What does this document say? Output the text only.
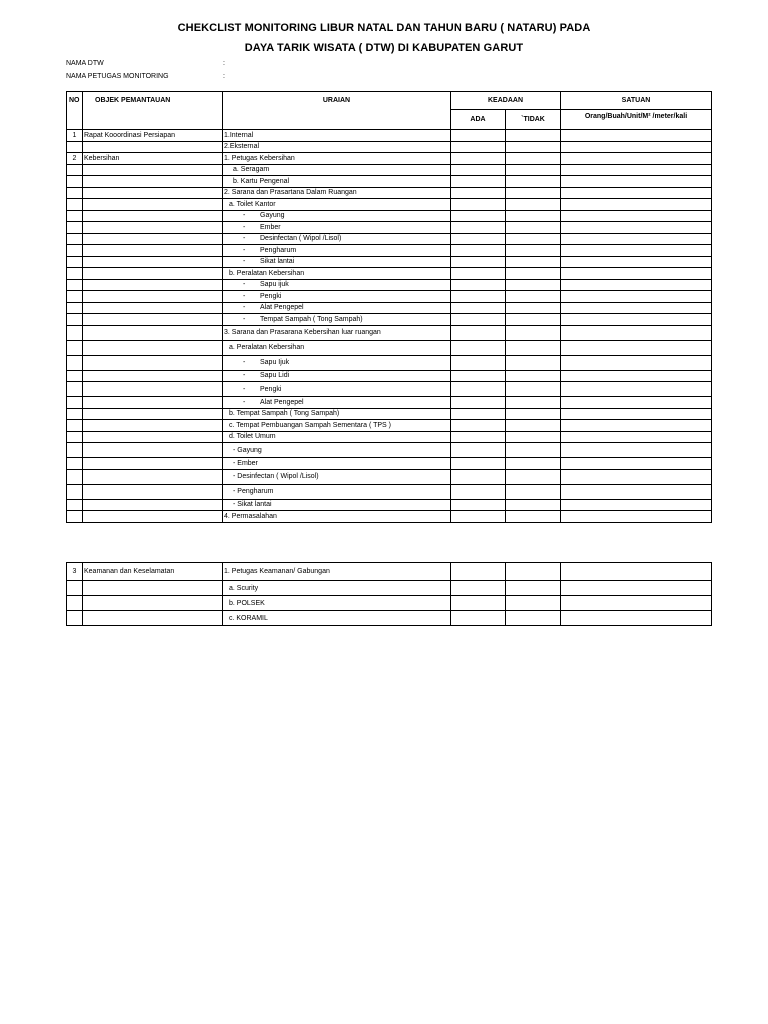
CHEKCLIST MONITORING LIBUR NATAL DAN TAHUN BARU ( NATARU) PADA
DAYA TARIK WISATA ( DTW) DI KABUPATEN GARUT
NAMA DTW	:
NAMA PETUGAS MONITORING	:
NO	OBJEK PEMANTAUAN	URAIAN	KEADAAN		SATUAN
			ADA	`TIDAK	Orang/Buah/Unit/M² /meter/kali
1	Rapat Kooordinasi Persiapan	1.Internal			
		2.Eksternal			
2	Kebersihan	1. Petugas Kebersihan			
		a. Seragam			
		b. Kartu Pengenal			
		2. Sarana dan Prasartana Dalam Ruangan			
		a. Toilet Kantor			
		- Gayung			
		- Ember			
		- Desinfectan ( Wipol /Lisol)			
		- Pengharum			
		- Sikat lantai			
		b. Peralatan Kebersihan			
		- Sapu ijuk			
		- Pengki			
		- Alat Pengepel			
		- Tempat Sampah ( Tong Sampah)			
		3. Sarana dan Prasarana Kebersihan luar ruangan			
		a. Peralatan Kebersihan			
		- Sapu Ijuk			
		- Sapu Lidi			
		- Pengki			
		- Alat Pengepel			
		b. Tempat Sampah ( Tong Sampah)			
		c. Tempat Pembuangan Sampah Sementara ( TPS )			
		d. Toilet Umum			
		- Gayung			
		- Ember			
		- Desinfectan ( Wipol /Lisol)			
		- Pengharum			
		- Sikat lantai			
		4. Permasalahan			
3	Keamanan dan Keselamatan	1. Petugas Keamanan/ Gabungan			
		a. Scurity			
		b. POLSEK			
		c. KORAMIL			
